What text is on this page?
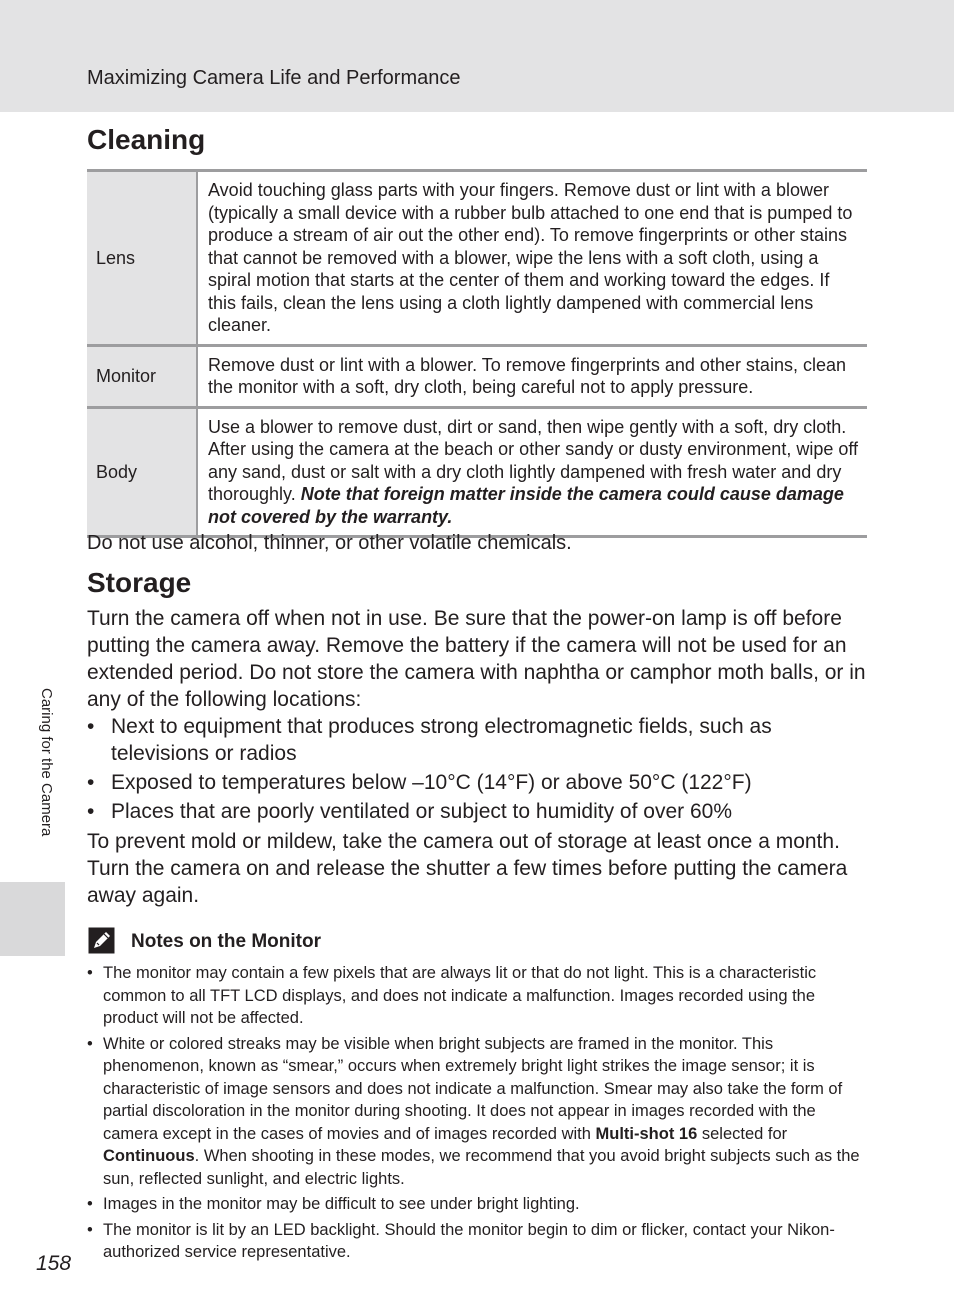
Maximizing Camera Life and Performance
Caring for the Camera
Cleaning
Lens	Avoid touching glass parts with your fingers. Remove dust or lint with a blower (typically a small device with a rubber bulb attached to one end that is pumped to produce a stream of air out the other end). To remove fingerprints or other stains that cannot be removed with a blower, wipe the lens with a soft cloth, using a spiral motion that starts at the center of them and working toward the edges. If this fails, clean the lens using a cloth lightly dampened with commercial lens cleaner.
Monitor	Remove dust or lint with a blower. To remove fingerprints and other stains, clean the monitor with a soft, dry cloth, being careful not to apply pressure.
Body	Use a blower to remove dust, dirt or sand, then wipe gently with a soft, dry cloth. After using the camera at the beach or other sandy or dusty environment, wipe off any sand, dust or salt with a dry cloth lightly dampened with fresh water and dry thoroughly. Note that foreign matter inside the camera could cause damage not covered by the warranty.
Do not use alcohol, thinner, or other volatile chemicals.
Storage

Turn the camera off when not in use. Be sure that the power-on lamp is off before putting the camera away. Remove the battery if the camera will not be used for an extended period. Do not store the camera with naphtha or camphor moth balls, or in any of the following locations:

• Next to equipment that produces strong electromagnetic fields, such as televisions or radios
• Exposed to temperatures below –10°C (14°F) or above 50°C (122°F)
• Places that are poorly ventilated or subject to humidity of over 60%

To prevent mold or mildew, take the camera out of storage at least once a month. Turn the camera on and release the shutter a few times before putting the camera away again.

Notes on the Monitor
• The monitor may contain a few pixels that are always lit or that do not light. This is a characteristic common to all TFT LCD displays, and does not indicate a malfunction. Images recorded using the product will not be affected.
• White or colored streaks may be visible when bright subjects are framed in the monitor. This phenomenon, known as “smear,” occurs when extremely bright light strikes the image sensor; it is characteristic of image sensors and does not indicate a malfunction. Smear may also take the form of partial discoloration in the monitor during shooting. It does not appear in images recorded with the camera except in the cases of movies and of images recorded with Multi-shot 16 selected for Continuous. When shooting in these modes, we recommend that you avoid bright subjects such as the sun, reflected sunlight, and electric lights.
• Images in the monitor may be difficult to see under bright lighting.
• The monitor is lit by an LED backlight. Should the monitor begin to dim or flicker, contact your Nikon-authorized service representative.
158
